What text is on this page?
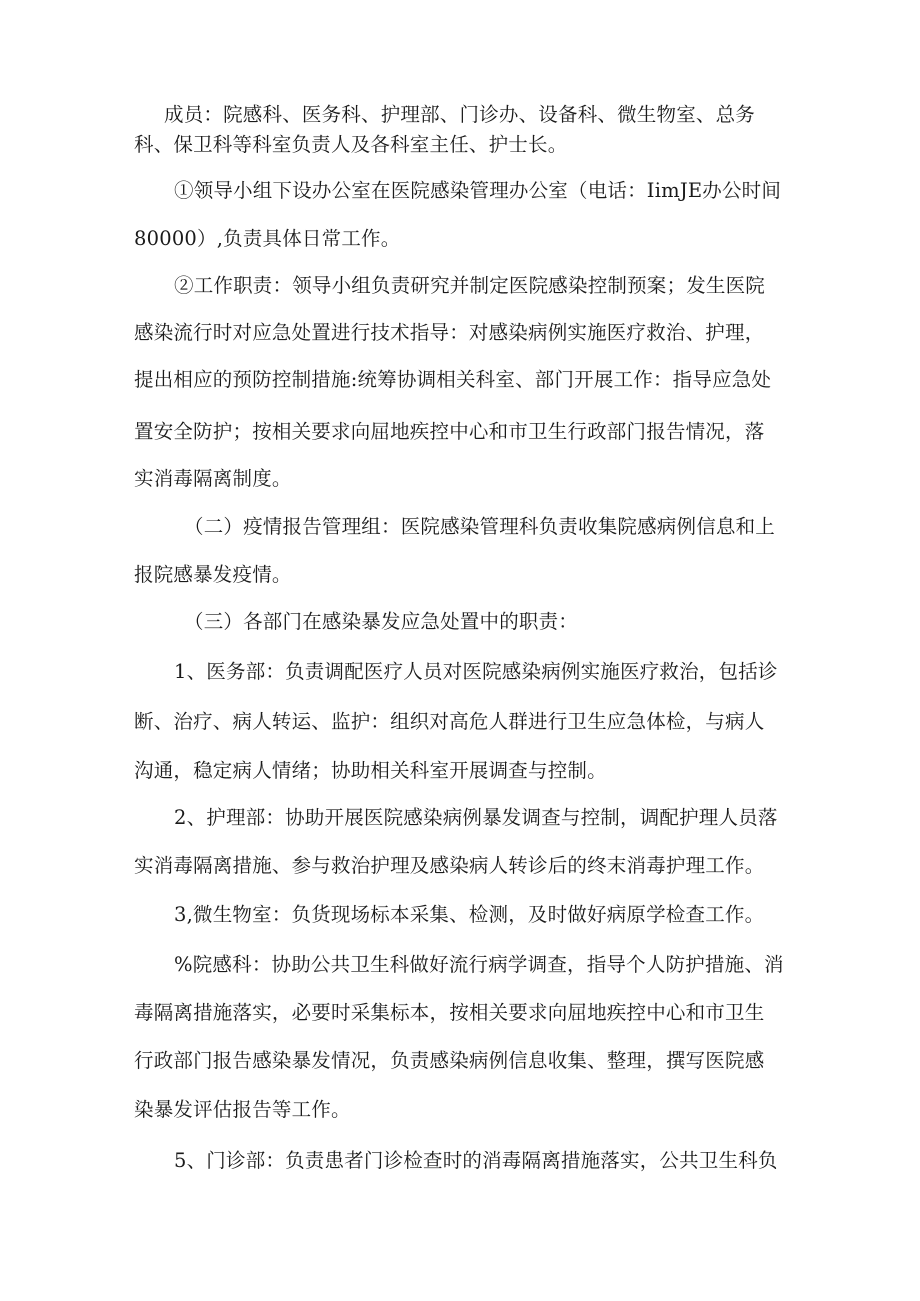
成员：院感科、医务科、护理部、门诊办、设备科、微生物室、总务
科、保卫科等科室负责人及各科室主任、护士长。
①领导小组下设办公室在医院感染管理办公室（电话：IimJE办公时间
80000）,负责具体日常工作。
②工作职责：领导小组负责研究并制定医院感染控制预案；发生医院
感染流行时对应急处置进行技术指导：对感染病例实施医疗救治、护理，
提出相应的预防控制措施:统筹协调相关科室、部门开展工作：指导应急处
置安全防护；按相关要求向屈地疾控中心和市卫生行政部门报告情况，落
实消毒隔离制度。
（二）疫情报告管理组：医院感染管理科负责收集院感病例信息和上
报院感暴发疫情。
（三）各部门在感染暴发应急处置中的职责：
1、医务部：负责调配医疗人员对医院感染病例实施医疗救治，包括诊
断、治疗、病人转运、监护：组织对高危人群进行卫生应急体检，与病人
沟通，稳定病人情绪；协助相关科室开展调查与控制。
2、护理部：协助开展医院感染病例暴发调查与控制，调配护理人员落
实消毒隔离措施、参与救治护理及感染病人转诊后的终末消毒护理工作。
3,微生物室：负货现场标本采集、检测，及时做好病原学检查工作。
%院感科：协助公共卫生科做好流行病学调查，指导个人防护措施、消
毒隔离措施落实，必要时采集标本，按相关要求向屈地疾控中心和市卫生
行政部门报告感染暴发情况，负责感染病例信息收集、整理，撰写医院感
染暴发评估报告等工作。
5、门诊部：负责患者门诊检查时的消毒隔离措施落实，公共卫生科负
